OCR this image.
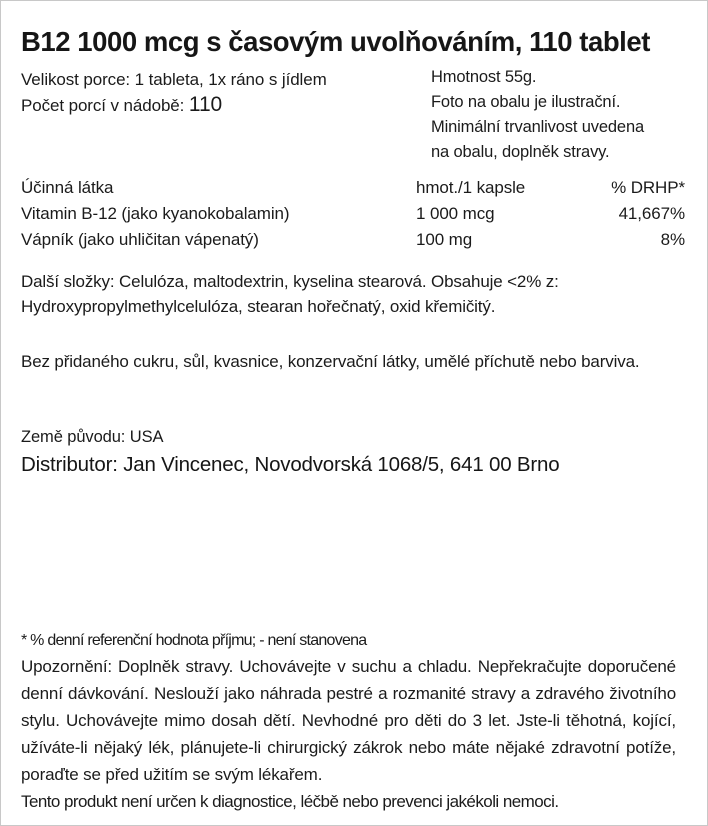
B12 1000 mcg s časovým uvolňováním, 110 tablet
Velikost porce: 1 tableta, 1x ráno s jídlem
Počet porcí v nádobě: 110
Hmotnost 55g.
Foto na obalu je ilustrační.
Minimální trvanlivost uvedena
na obalu, doplněk stravy.
Účinná látka	hmot./1 kapsle	% DRHP*
Vitamin B-12 (jako kyanokobalamin)	1 000 mcg	41,667%
Vápník (jako uhličitan vápenatý)	100 mg	8%
Další složky: Celulóza, maltodextrin, kyselina stearová. Obsahuje <2% z: Hydroxypropylmethylcelulóza, stearan hořečnatý, oxid křemičitý.
Bez přidaného cukru, sůl, kvasnice, konzervační látky, umělé příchutě nebo barviva.
Země původu: USA
Distributor: Jan Vincenec, Novodvorská 1068/5, 641 00 Brno
* % denní referenční hodnota příjmu; - není stanovena
Upozornění: Doplněk stravy. Uchovávejte v suchu a chladu. Nepřekračujte doporučené denní dávkování. Neslouží jako náhrada pestré a rozmanité stravy a zdravého životního stylu. Uchovávejte mimo dosah dětí. Nevhodné pro děti do 3 let. Jste-li těhotná, kojící, užíváte-li nějaký lék, plánujete-li chirurgický zákrok nebo máte nějaké zdravotní potíže, poraďte se před užitím se svým lékařem.
Tento produkt není určen k diagnostice, léčbě nebo prevenci jakékoli nemoci.
